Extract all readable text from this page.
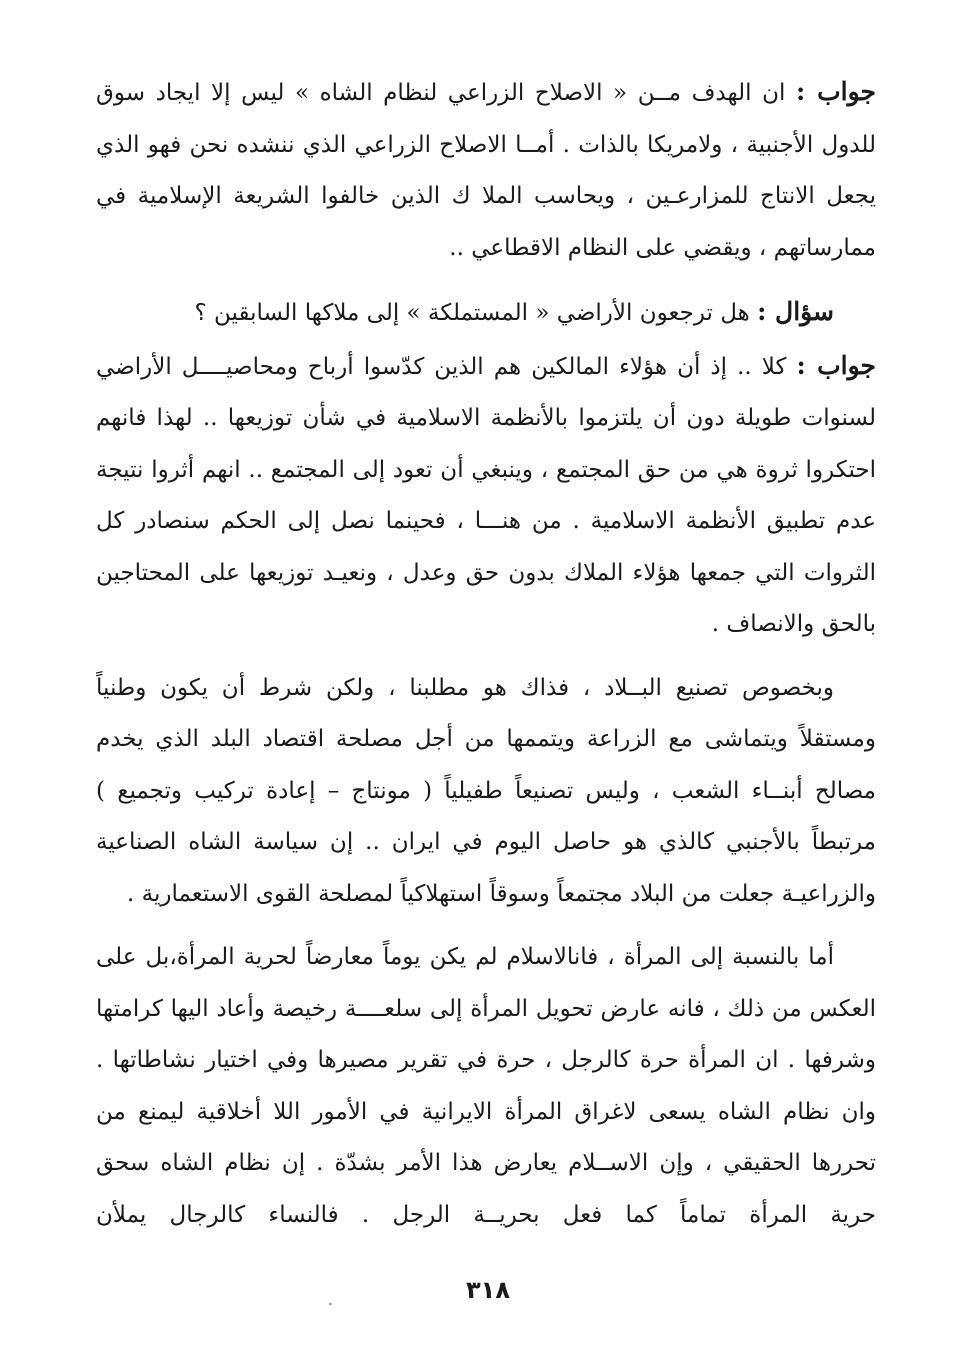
جواب : ان الهدف مــن « الاصلاح الزراعي لنظام الشاه » ليس إلا ايجاد سوق للدول الأجنبية ، ولامريكا بالذات . أمــا الاصلاح الزراعي الذي ننشده نحن فهو الذي يجعل الانتاج للمزارعـين ، ويحاسب الملا ك الذين خالفوا الشريعة الإسلامية في ممارساتهم ، ويقضي على النظام الاقطاعي ..

سؤال : هل ترجعون الأراضي « المستملكة » إلى ملاكها السابقين ؟

جواب : كلا .. إذ أن هؤلاء المالكين هم الذين كدّسوا أرباح ومحاصيــــل الأراضي لسنوات طويلة دون أن يلتزموا بالأنظمة الاسلامية في شأن توزيعها .. لهذا فانهم احتكروا ثروة هي من حق المجتمع ، وينبغي أن تعود إلى المجتمع .. انهم أثروا نتيجة عدم تطبيق الأنظمة الاسلامية . من هنـــا ، فحينما نصل إلى الحكم سنصادر كل الثروات التي جمعها هؤلاء الملاك بدون حق وعدل ، ونعيـد توزيعها على المحتاجين بالحق والانصاف .

وبخصوص تصنيع البــلاد ، فذاك هو مطلبنا ، ولكن شرط أن يكون وطنياً ومستقلاً ويتماشى مع الزراعة ويتممها من أجل مصلحة اقتصاد البلد الذي يخدم مصالح أبنــاء الشعب ، وليس تصنيعاً طفيلياً ( مونتاج – إعادة تركيب وتجميع ) مرتبطاً بالأجنبي كالذي هو حاصل اليوم في ايران .. إن سياسة الشاه الصناعية والزراعيـة جعلت من البلاد مجتمعاً وسوقاً استهلاكياً لمصلحة القوى الاستعمارية .

أما بالنسبة إلى المرأة ، فانالاسلام لم يكن يوماً معارضاً لحرية المرأة،بل على العكس من ذلك ، فانه عارض تحويل المرأة إلى سلعــــة رخيصة وأعاد اليها كرامتها وشرفها . ان المرأة حرة كالرجل ، حرة في تقرير مصيرها وفي اختيار نشاطاتها . وان نظام الشاه يسعى لاغراق المرأة الايرانية في الأمور اللا أخلاقية ليمنع من تحررها الحقيقي ، وإن الاســلام يعارض هذا الأمر بشدّة . إن نظام الشاه سحق حرية المرأة تماماً كما فعل بحريــة الرجل . فالنساء كالرجال يملأن

٣١٨
